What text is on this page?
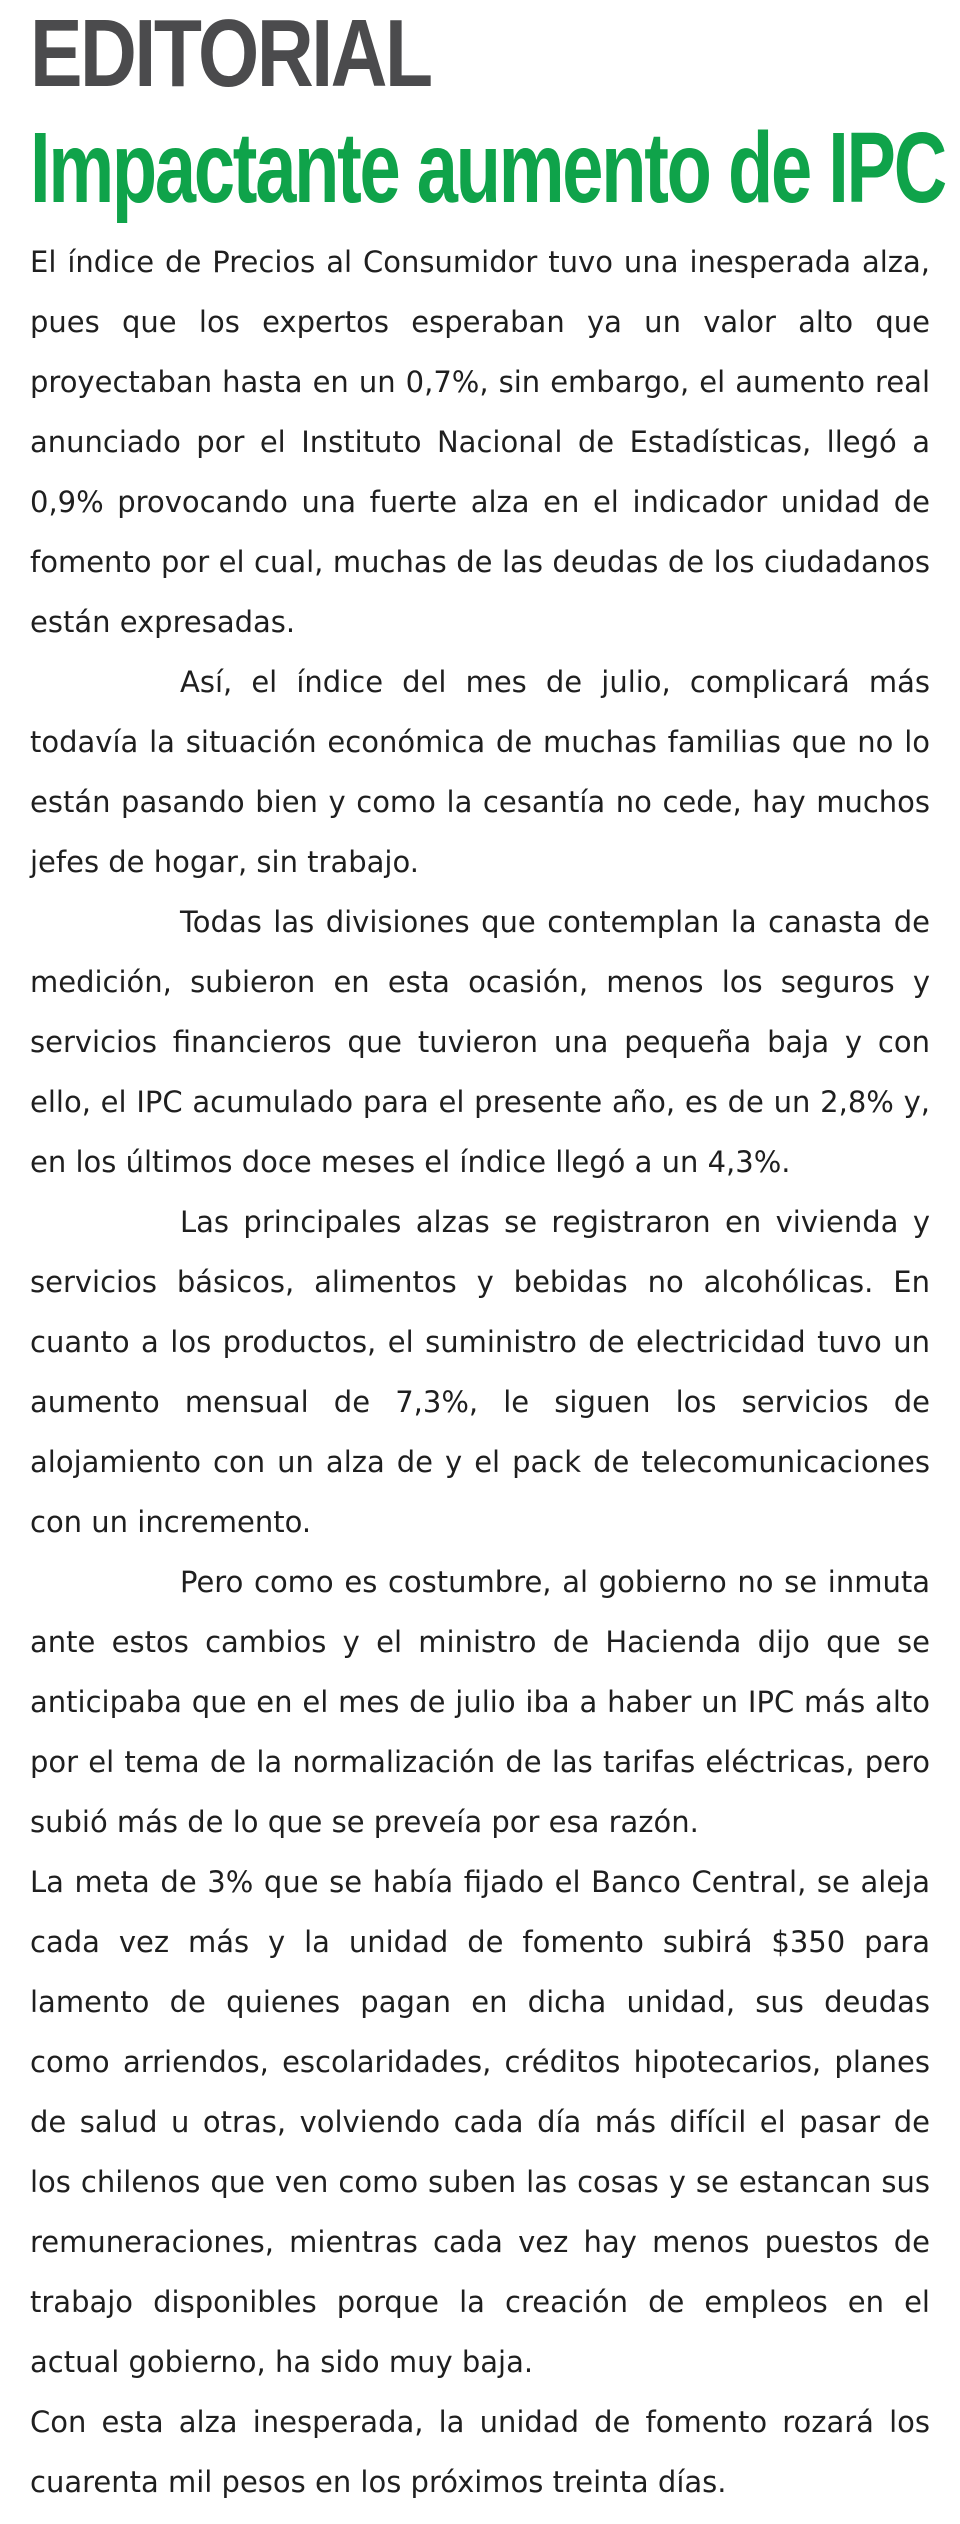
EDITORIAL
Impactante aumento de IPC

El índice de Precios al Consumidor tuvo una inesperada alza, pues que los expertos esperaban ya un valor alto que proyectaban hasta en un 0,7%, sin embargo, el aumento real anunciado por el Instituto Nacional de Estadísticas, llegó a 0,9% provocando una fuerte alza en el indicador unidad de fomento por el cual, muchas de las deudas de los ciudadanos están expresadas.

Así, el índice del mes de julio, complicará más todavía la situación económica de muchas familias que no lo están pasando bien y como la cesantía no cede, hay muchos jefes de hogar, sin trabajo.

Todas las divisiones que contemplan la canasta de medición, subieron en esta ocasión, menos los seguros y servicios financieros que tuvieron una pequeña baja y con ello, el IPC acumulado para el presente año, es de un 2,8% y, en los últimos doce meses el índice llegó a un 4,3%.

Las principales alzas se registraron en vivienda y servicios básicos, alimentos y bebidas no alcohólicas. En cuanto a los productos, el suministro de electricidad tuvo un aumento mensual de 7,3%, le siguen los servicios de alojamiento con un alza de y el pack de telecomunicaciones con un incremento.

Pero como es costumbre, al gobierno no se inmuta ante estos cambios y el ministro de Hacienda dijo que se anticipaba que en el mes de julio iba a haber un IPC más alto por el tema de la normalización de las tarifas eléctricas, pero subió más de lo que se preveía por esa razón.

La meta de 3% que se había fijado el Banco Central, se aleja cada vez más y la unidad de fomento subirá $350 para lamento de quienes pagan en dicha unidad, sus deudas como arriendos, escolaridades, créditos hipotecarios, planes de salud u otras, volviendo cada día más difícil el pasar de los chilenos que ven como suben las cosas y se estancan sus remuneraciones, mientras cada vez hay menos puestos de trabajo disponibles porque la creación de empleos en el actual gobierno, ha sido muy baja.

Con esta alza inesperada, la unidad de fomento rozará los cuarenta mil pesos en los próximos treinta días.
